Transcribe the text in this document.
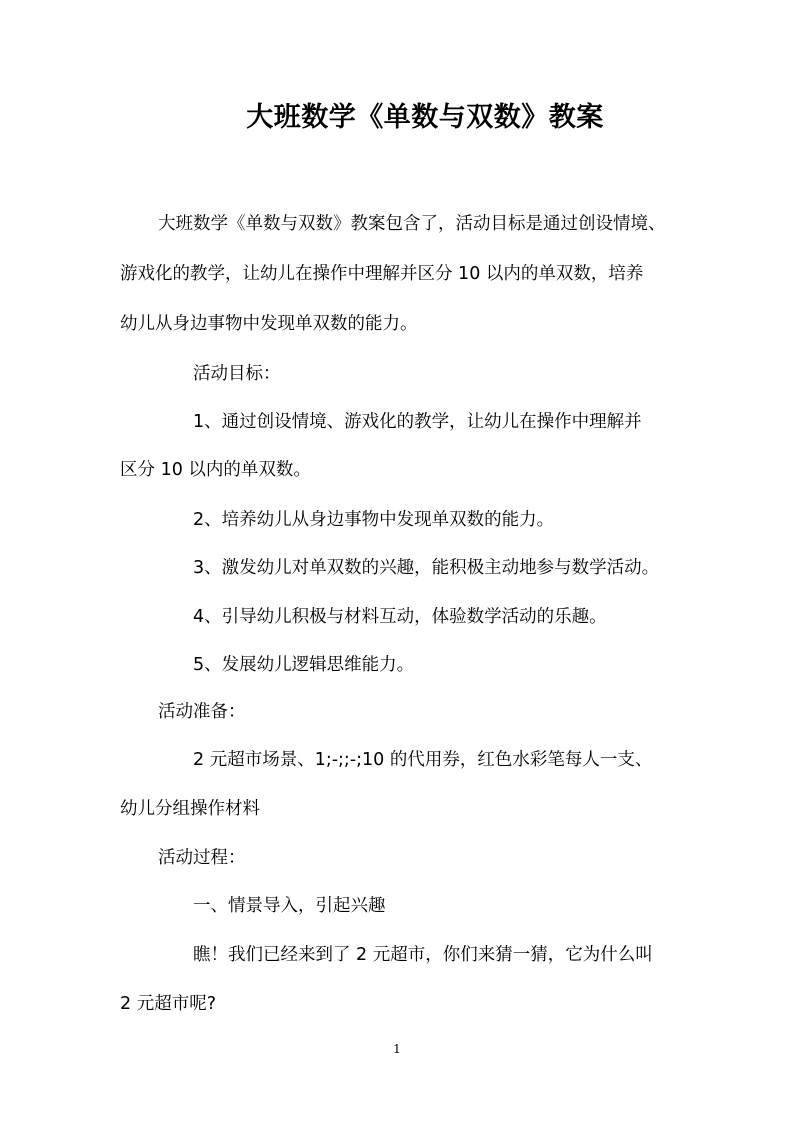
大班数学《单数与双数》教案
大班数学《单数与双数》教案包含了，活动目标是通过创设情境、
游戏化的教学，让幼儿在操作中理解并区分 10 以内的单双数，培养
幼儿从身边事物中发现单双数的能力。
活动目标：
1、通过创设情境、游戏化的教学，让幼儿在操作中理解并
区分 10 以内的单双数。
2、培养幼儿从身边事物中发现单双数的能力。
3、激发幼儿对单双数的兴趣，能积极主动地参与数学活动。
4、引导幼儿积极与材料互动，体验数学活动的乐趣。
5、发展幼儿逻辑思维能力。
活动准备：
2 元超市场景、1;-;;-;10 的代用券，红色水彩笔每人一支、
幼儿分组操作材料
活动过程：
一、情景导入，引起兴趣
瞧！我们已经来到了 2 元超市，你们来猜一猜，它为什么叫
2 元超市呢?
1
